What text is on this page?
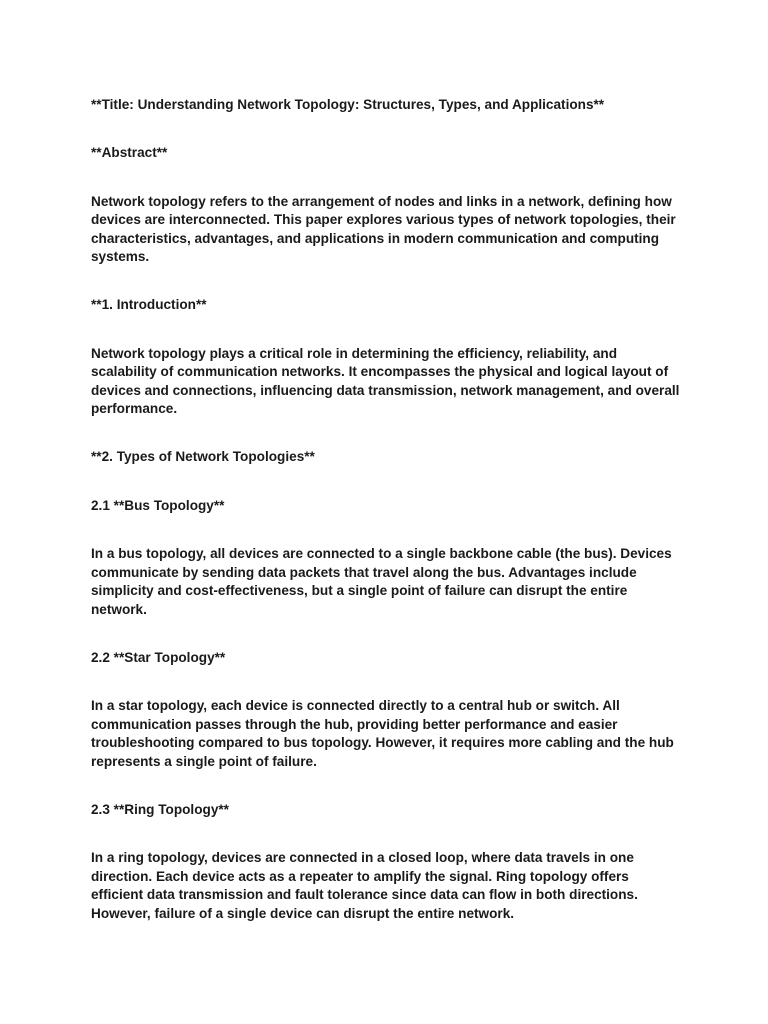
**Title: Understanding Network Topology: Structures, Types, and Applications**
**Abstract**
Network topology refers to the arrangement of nodes and links in a network, defining how devices are interconnected. This paper explores various types of network topologies, their characteristics, advantages, and applications in modern communication and computing systems.
**1. Introduction**
Network topology plays a critical role in determining the efficiency, reliability, and scalability of communication networks. It encompasses the physical and logical layout of devices and connections, influencing data transmission, network management, and overall performance.
**2. Types of Network Topologies**
2.1 **Bus Topology**
In a bus topology, all devices are connected to a single backbone cable (the bus). Devices communicate by sending data packets that travel along the bus. Advantages include simplicity and cost-effectiveness, but a single point of failure can disrupt the entire network.
2.2 **Star Topology**
In a star topology, each device is connected directly to a central hub or switch. All communication passes through the hub, providing better performance and easier troubleshooting compared to bus topology. However, it requires more cabling and the hub represents a single point of failure.
2.3 **Ring Topology**
In a ring topology, devices are connected in a closed loop, where data travels in one direction. Each device acts as a repeater to amplify the signal. Ring topology offers efficient data transmission and fault tolerance since data can flow in both directions. However, failure of a single device can disrupt the entire network.
